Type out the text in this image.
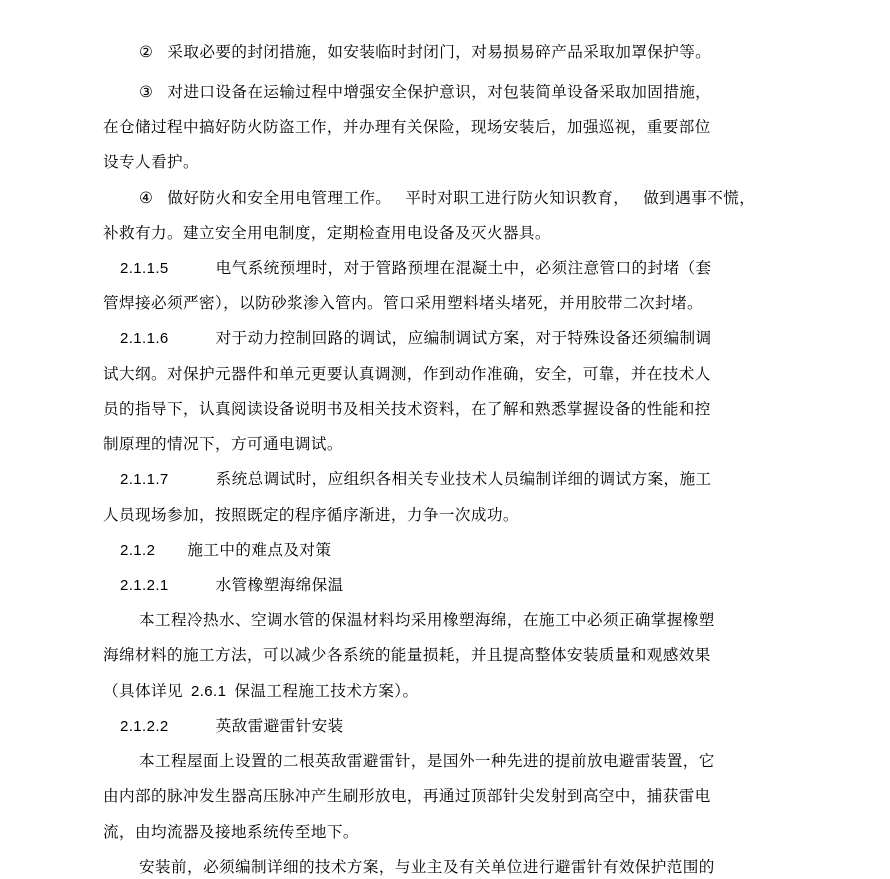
② 采取必要的封闭措施，如安装临时封闭门，对易损易碎产品采取加罩保护等。
③ 对进口设备在运输过程中增强安全保护意识，对包装简单设备采取加固措施，
在仓储过程中搞好防火防盗工作，并办理有关保险，现场安装后，加强巡视，重要部位
设专人看护。
④ 做好防火和安全用电管理工作。 平时对职工进行防火知识教育， 做到遇事不慌，
补救有力。建立安全用电制度，定期检查用电设备及灭火器具。
2.1.1.5	电气系统预埋时，对于管路预埋在混凝土中，必须注意管口的封堵（套
管焊接必须严密），以防砂浆渗入管内。管口采用塑料堵头堵死，并用胶带二次封堵。
2.1.1.6	对于动力控制回路的调试，应编制调试方案，对于特殊设备还须编制调
试大纲。对保护元器件和单元更要认真调测，作到动作准确，安全，可靠，并在技术人
员的指导下，认真阅读设备说明书及相关技术资料，在了解和熟悉掌握设备的性能和控
制原理的情况下，方可通电调试。
2.1.1.7	系统总调试时，应组织各相关专业技术人员编制详细的调试方案，施工
人员现场参加，按照既定的程序循序渐进，力争一次成功。
2.1.2 施工中的难点及对策
2.1.2.1	水管橡塑海绵保温
本工程冷热水、空调水管的保温材料均采用橡塑海绵，在施工中必须正确掌握橡塑
海绵材料的施工方法，可以减少各系统的能量损耗，并且提高整体安装质量和观感效果
（具体详见 2.6.1 保温工程施工技术方案）。
2.1.2.2	英敌雷避雷针安装
本工程屋面上设置的二根英敌雷避雷针，是国外一种先进的提前放电避雷装置，它
由内部的脉冲发生器高压脉冲产生刷形放电，再通过顶部针尖发射到高空中，捕获雷电
流，由均流器及接地系统传至地下。
安装前，必须编制详细的技术方案，与业主及有关单位进行避雷针有效保护范围的
